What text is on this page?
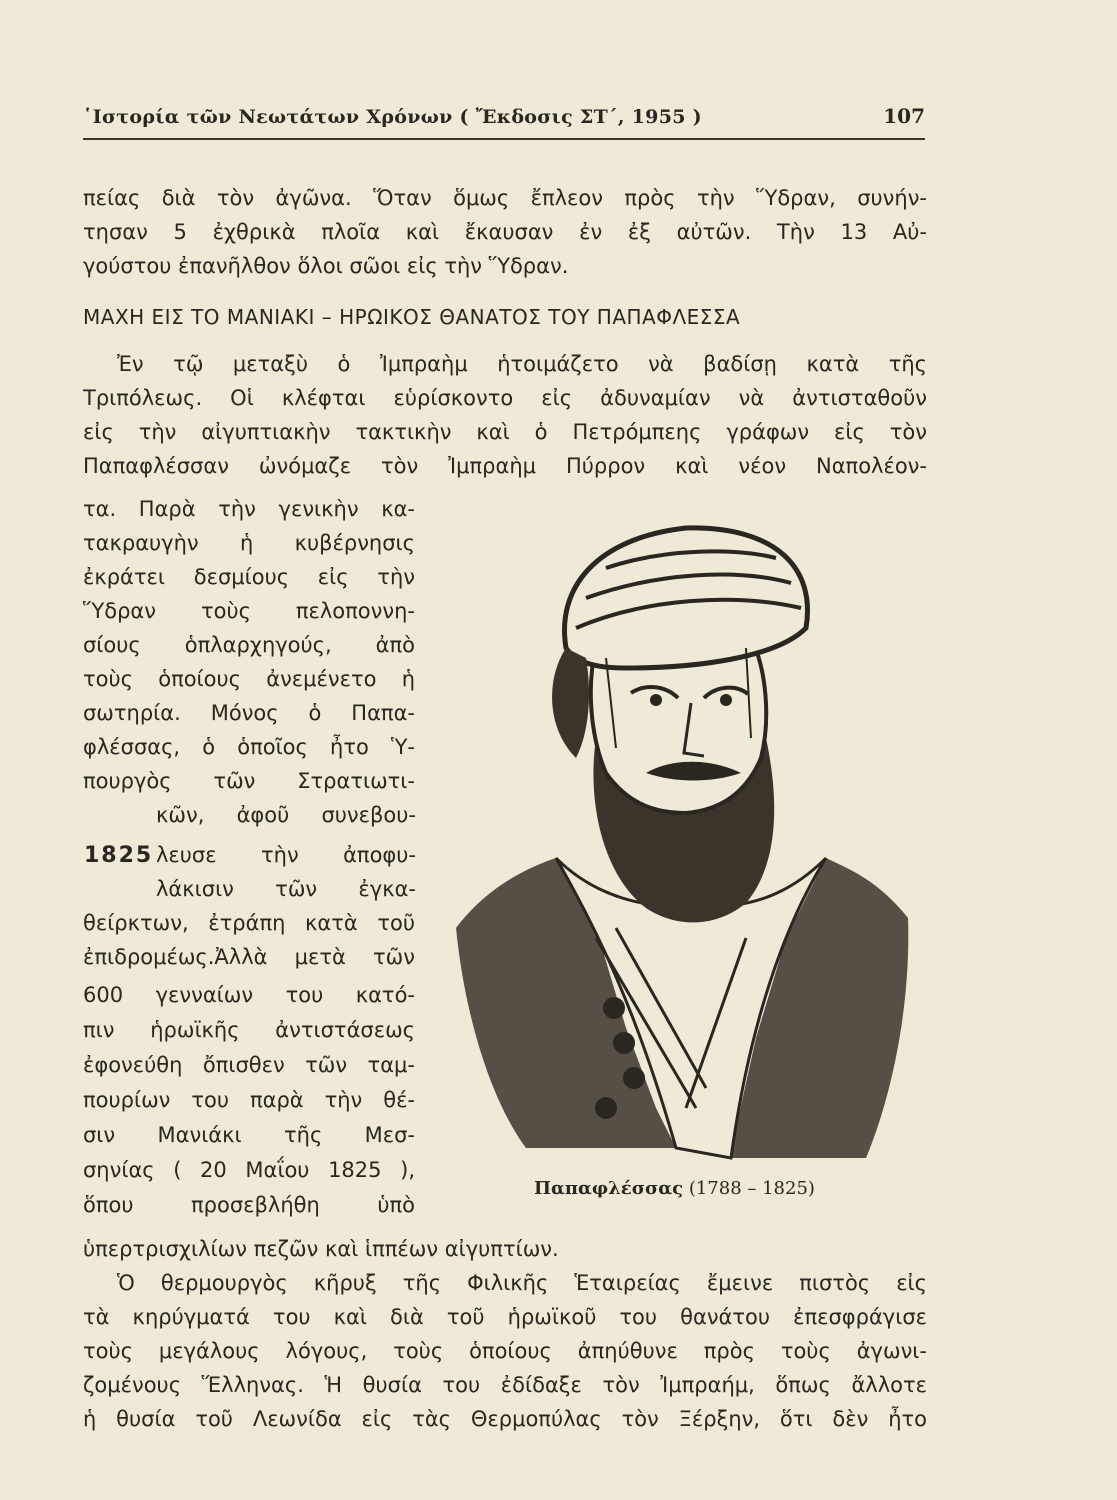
῾Ιστορία τῶν Νεωτάτων Χρόνων ( Ἔκδοσις ΣΤ΄, 1955 )	107
πείας διὰ τὸν ἀγῶνα. Ὅταν ὅμως ἔπλεον πρὸς τὴν Ὕδραν, συνήν-
τησαν 5 ἐχθρικὰ πλοῖα καὶ ἔκαυσαν ἐν ἐξ αὐτῶν. Τὴν 13 Αὐ-
γούστου ἐπανῆλθον ὅλοι σῶοι εἰς τὴν Ὕδραν.
ΜΑΧΗ ΕΙΣ ΤΟ ΜΑΝΙΑΚΙ – ΗΡΩΙΚΟΣ ΘΑΝΑΤΟΣ ΤΟΥ ΠΑΠΑΦΛΕΣΣΑ
Ἐν τῷ μεταξὺ ὁ Ἰμπραὴμ ἡτοιμάζετο νὰ βαδίσῃ κατὰ τῆς
Τριπόλεως. Οἱ κλέφται εὑρίσκοντο εἰς ἀδυναμίαν νὰ ἀντισταθοῦν
εἰς τὴν αἰγυπτιακὴν τακτικὴν καὶ ὁ Πετρόμπεης γράφων εἰς τὸν
Παπαφλέσσαν ὠνόμαζε τὸν Ἰμπραὴμ Πύρρον καὶ νέον Ναπολέον-
τα. Παρὰ τὴν γενικὴν κα-
τακραυγὴν ἡ κυβέρνησις
ἐκράτει δεσμίους εἰς τὴν
Ὕδραν τοὺς πελοποννη-
σίους ὁπλαρχηγούς, ἀπὸ
τοὺς ὁποίους ἀνεμένετο ἡ
σωτηρία. Μόνος ὁ Παπα-
φλέσσας, ὁ ὁποῖος ἦτο Ὑ-
πουργὸς τῶν Στρατιωτι-
κῶν, ἀφοῦ συνεβου-
λευσε τὴν ἀποφυ-
λάκισιν τῶν ἐγκα-
θείρκτων, ἐτράπη κατὰ τοῦ
ἐπιδρομέως.Ἀλλὰ μετὰ τῶν
600 γενναίων του κατό-
πιν ἡρωϊκῆς ἀντιστάσεως
ἐφονεύθη ὄπισθεν τῶν ταμ-
πουρίων του παρὰ τὴν θέ-
σιν Μανιάκι τῆς Μεσ-
σηνίας ( 20 Μαΐου 1825 ),
ὅπου προσεβλήθη ὑπὸ
1825
Παπαφλέσσας (1788 – 1825)
ὑπερτρισχιλίων πεζῶν καὶ ἱππέων αἰγυπτίων.
Ὁ θερμουργὸς κῆρυξ τῆς Φιλικῆς Ἑταιρείας ἔμεινε πιστὸς εἰς
τὰ κηρύγματά του καὶ διὰ τοῦ ἡρωϊκοῦ του θανάτου ἐπεσφράγισε
τοὺς μεγάλους λόγους, τοὺς ὁποίους ἀπηύθυνε πρὸς τοὺς ἀγωνι-
ζομένους Ἕλληνας. Ἡ θυσία του ἐδίδαξε τὸν Ἰμπραήμ, ὅπως ἄλλοτε
ἡ θυσία τοῦ Λεωνίδα εἰς τὰς Θερμοπύλας τὸν Ξέρξην, ὅτι δὲν ἦτο
